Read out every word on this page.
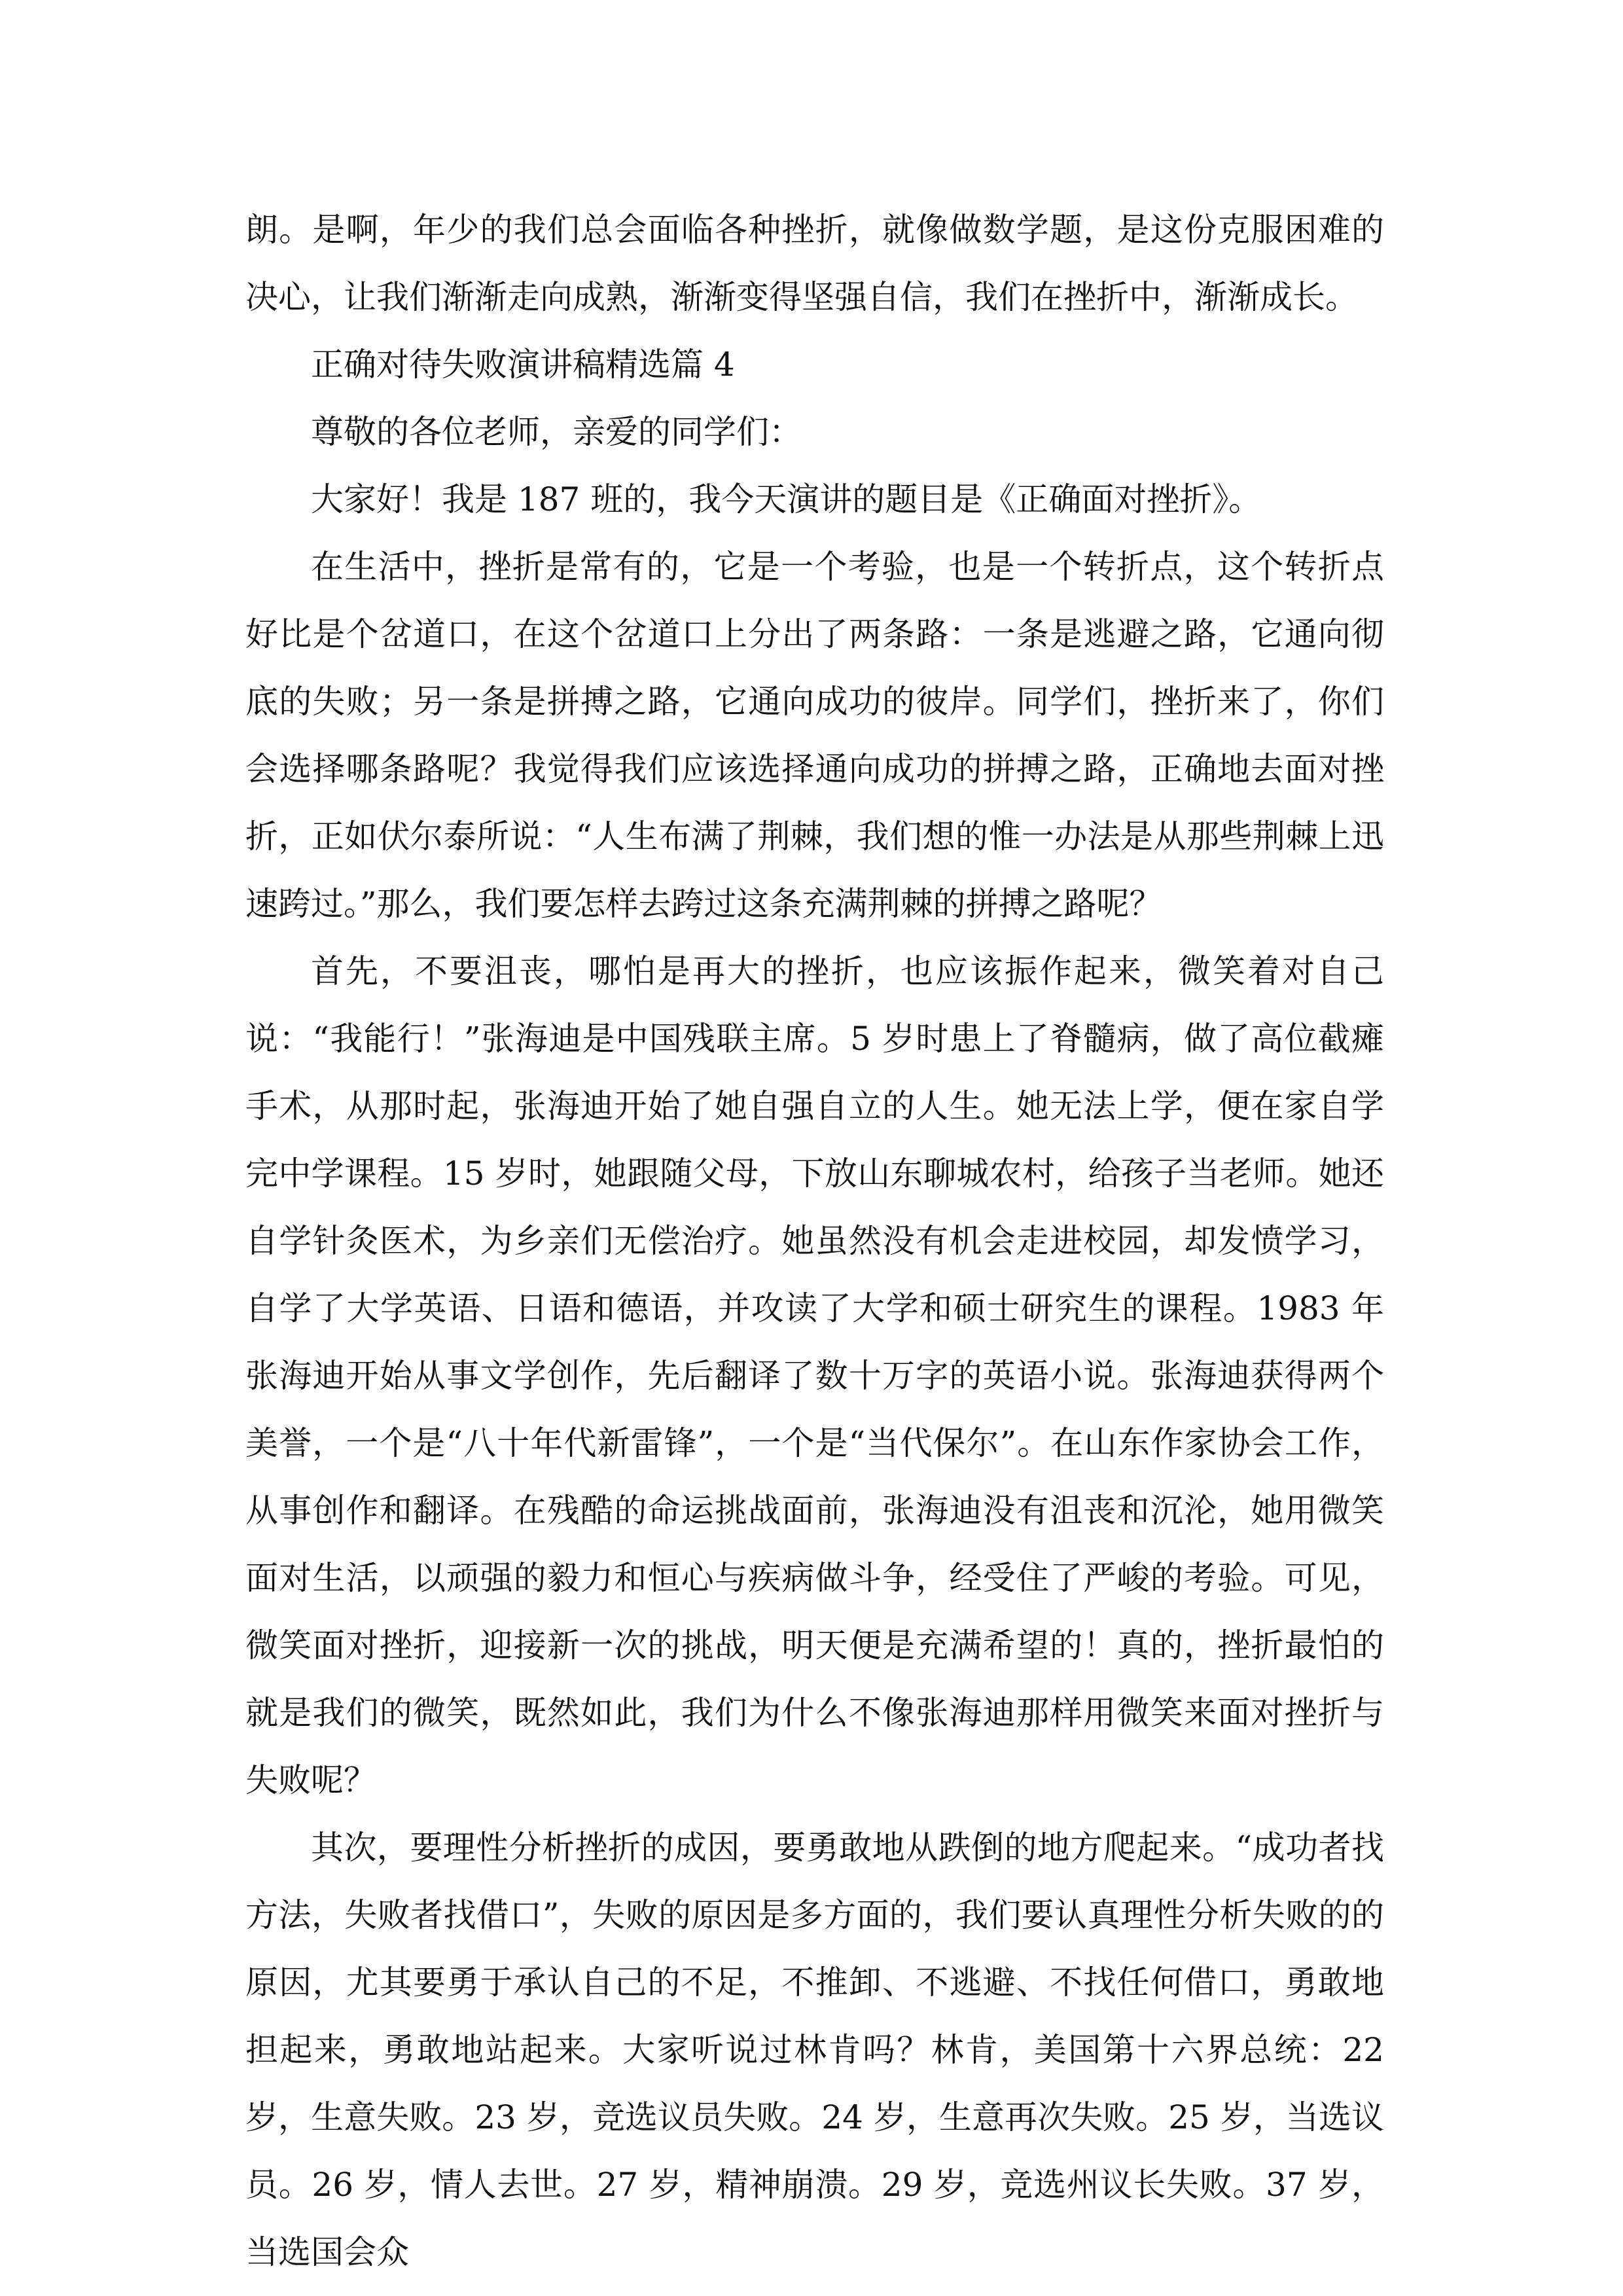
朗。是啊，年少的我们总会面临各种挫折，就像做数学题，是这份克服困难的决心，让我们渐渐走向成熟，渐渐变得坚强自信，我们在挫折中，渐渐成长。

正确对待失败演讲稿精选篇 4

尊敬的各位老师，亲爱的同学们：

大家好！我是 187 班的，我今天演讲的题目是《正确面对挫折》。

在生活中，挫折是常有的，它是一个考验，也是一个转折点，这个转折点好比是个岔道口，在这个岔道口上分出了两条路：一条是逃避之路，它通向彻底的失败；另一条是拼搏之路，它通向成功的彼岸。同学们，挫折来了，你们会选择哪条路呢？我觉得我们应该选择通向成功的拼搏之路，正确地去面对挫折，正如伏尔泰所说：“人生布满了荆棘，我们想的惟一办法是从那些荆棘上迅速跨过。”那么，我们要怎样去跨过这条充满荆棘的拼搏之路呢？

首先，不要沮丧，哪怕是再大的挫折，也应该振作起来，微笑着对自己说：“我能行！”张海迪是中国残联主席。5 岁时患上了脊髓病，做了高位截瘫手术，从那时起，张海迪开始了她自强自立的人生。她无法上学，便在家自学完中学课程。15 岁时，她跟随父母，下放山东聊城农村，给孩子当老师。她还自学针灸医术，为乡亲们无偿治疗。她虽然没有机会走进校园，却发愤学习，自学了大学英语、日语和德语，并攻读了大学和硕士研究生的课程。1983 年张海迪开始从事文学创作，先后翻译了数十万字的英语小说。张海迪获得两个美誉，一个是“八十年代新雷锋”，一个是“当代保尔”。在山东作家协会工作，从事创作和翻译。在残酷的命运挑战面前，张海迪没有沮丧和沉沦，她用微笑面对生活，以顽强的毅力和恒心与疾病做斗争，经受住了严峻的考验。可见，微笑面对挫折，迎接新一次的挑战，明天便是充满希望的！真的，挫折最怕的就是我们的微笑，既然如此，我们为什么不像张海迪那样用微笑来面对挫折与失败呢？

其次，要理性分析挫折的成因，要勇敢地从跌倒的地方爬起来。“成功者找方法，失败者找借口”，失败的原因是多方面的，我们要认真理性分析失败的的原因，尤其要勇于承认自己的不足，不推卸、不逃避、不找任何借口，勇敢地担起来，勇敢地站起来。大家听说过林肯吗？林肯，美国第十六界总统：22 岁，生意失败。23 岁，竞选议员失败。24 岁，生意再次失败。25 岁，当选议员。26 岁，情人去世。27 岁，精神崩溃。29 岁，竞选州议长失败。37 岁，当选国会众
